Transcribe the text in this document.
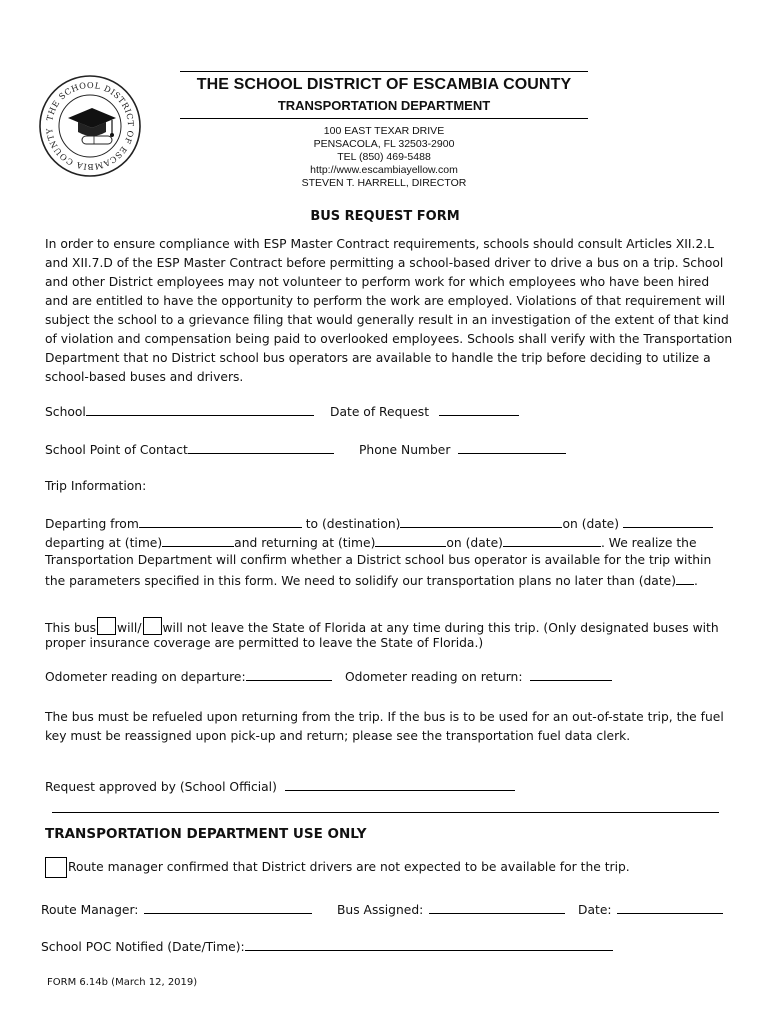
THE SCHOOL DISTRICT OF ESCAMBIA COUNTY
THE SCHOOL DISTRICT OF ESCAMBIA COUNTY
TRANSPORTATION DEPARTMENT
100 EAST TEXAR DRIVE
PENSACOLA, FL 32503-2900
TEL (850) 469-5488
http://www.escambiayellow.com
STEVEN T. HARRELL, DIRECTOR
BUS REQUEST FORM
In order to ensure compliance with ESP Master Contract requirements, schools should consult Articles XII.2.L and XII.7.D of the ESP Master Contract before permitting a school-based driver to drive a bus on a trip. School and other District employees may not volunteer to perform work for which employees who have been hired and are entitled to have the opportunity to perform the work are employed. Violations of that requirement will subject the school to a grievance filing that would generally result in an investigation of the extent of that kind of violation and compensation being paid to overlooked employees. Schools shall verify with the Transportation Department that no District school bus operators are available to handle the trip before deciding to utilize a school-based buses and drivers.
School	Date of Request
School Point of Contact	Phone Number
Trip Information:
Departing from	to (destination)	on (date)
departing at (time)	and returning at (time)	on (date)	. We realize the
Transportation Department will confirm whether a District school bus operator is available for the trip within
the parameters specified in this form. We need to solidify our transportation plans no later than (date) .
This bus will/ will not leave the State of Florida at any time during this trip. (Only designated buses with
proper insurance coverage are permitted to leave the State of Florida.)
Odometer reading on departure:	Odometer reading on return:
The bus must be refueled upon returning from the trip. If the bus is to be used for an out-of-state trip, the fuel
key must be reassigned upon pick-up and return; please see the transportation fuel data clerk.
Request approved by (School Official)
TRANSPORTATION DEPARTMENT USE ONLY
Route manager confirmed that District drivers are not expected to be available for the trip.
Route Manager:	Bus Assigned:	Date:
School POC Notified (Date/Time):
FORM 6.14b (March 12, 2019)
